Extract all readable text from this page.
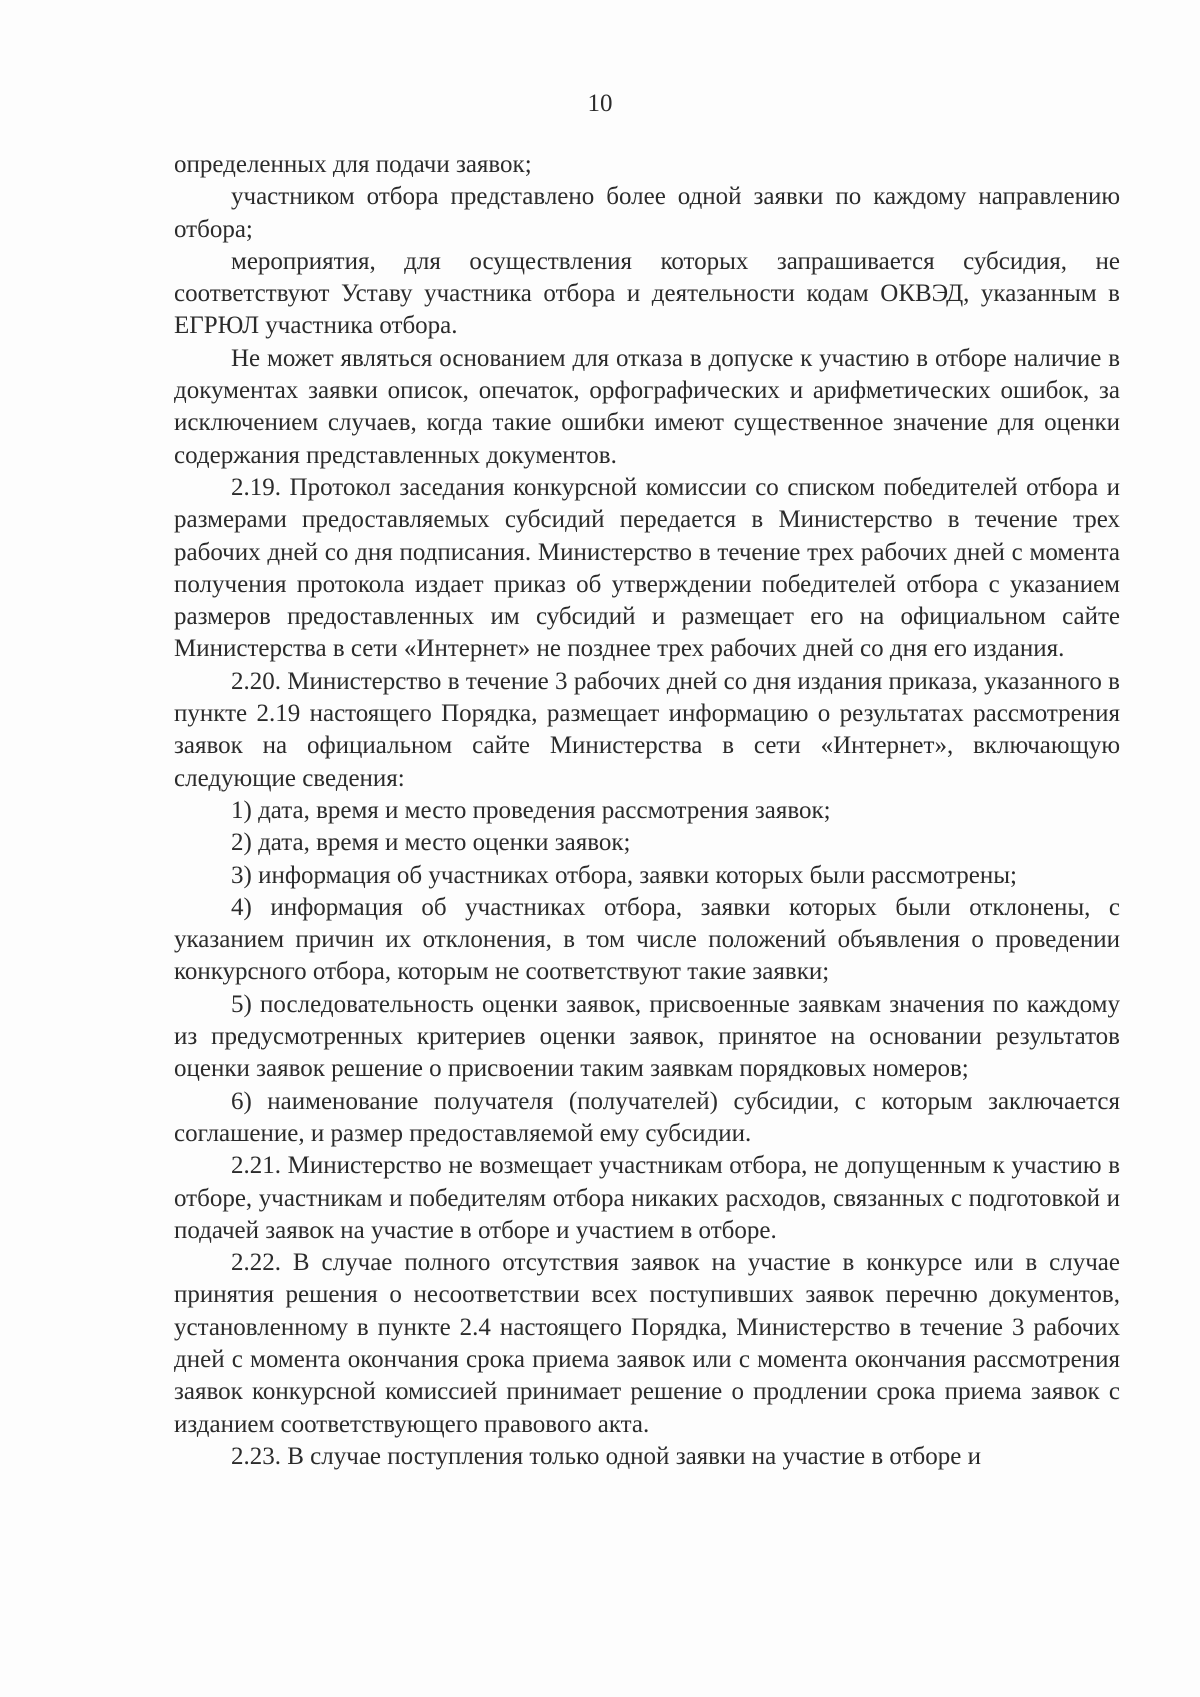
10

определенных для подачи заявок;

участником отбора представлено более одной заявки по каждому направлению отбора;

мероприятия, для осуществления которых запрашивается субсидия, не соответствуют Уставу участника отбора и деятельности кодам ОКВЭД, указанным в ЕГРЮЛ участника отбора.

Не может являться основанием для отказа в допуске к участию в отборе наличие в документах заявки описок, опечаток, орфографических и арифметических ошибок, за исключением случаев, когда такие ошибки имеют существенное значение для оценки содержания представленных документов.

2.19. Протокол заседания конкурсной комиссии со списком победителей отбора и размерами предоставляемых субсидий передается в Министерство в течение трех рабочих дней со дня подписания. Министерство в течение трех рабочих дней с момента получения протокола издает приказ об утверждении победителей отбора с указанием размеров предоставленных им субсидий и размещает его на официальном сайте Министерства в сети «Интернет» не позднее трех рабочих дней со дня его издания.

2.20. Министерство в течение 3 рабочих дней со дня издания приказа, указанного в пункте 2.19 настоящего Порядка, размещает информацию о результатах рассмотрения заявок на официальном сайте Министерства в сети «Интернет», включающую следующие сведения:

1) дата, время и место проведения рассмотрения заявок;

2) дата, время и место оценки заявок;

3) информация об участниках отбора, заявки которых были рассмотрены;

4) информация об участниках отбора, заявки которых были отклонены, с указанием причин их отклонения, в том числе положений объявления о проведении конкурсного отбора, которым не соответствуют такие заявки;

5) последовательность оценки заявок, присвоенные заявкам значения по каждому из предусмотренных критериев оценки заявок, принятое на основании результатов оценки заявок решение о присвоении таким заявкам порядковых номеров;

6) наименование получателя (получателей) субсидии, с которым заключается соглашение, и размер предоставляемой ему субсидии.

2.21. Министерство не возмещает участникам отбора, не допущенным к участию в отборе, участникам и победителям отбора никаких расходов, связанных с подготовкой и подачей заявок на участие в отборе и участием в отборе.

2.22. В случае полного отсутствия заявок на участие в конкурсе или в случае принятия решения о несоответствии всех поступивших заявок перечню документов, установленному в пункте 2.4 настоящего Порядка, Министерство в течение 3 рабочих дней с момента окончания срока приема заявок или с момента окончания рассмотрения заявок конкурсной комиссией принимает решение о продлении срока приема заявок с изданием соответствующего правового акта.

2.23. В случае поступления только одной заявки на участие в отборе и
